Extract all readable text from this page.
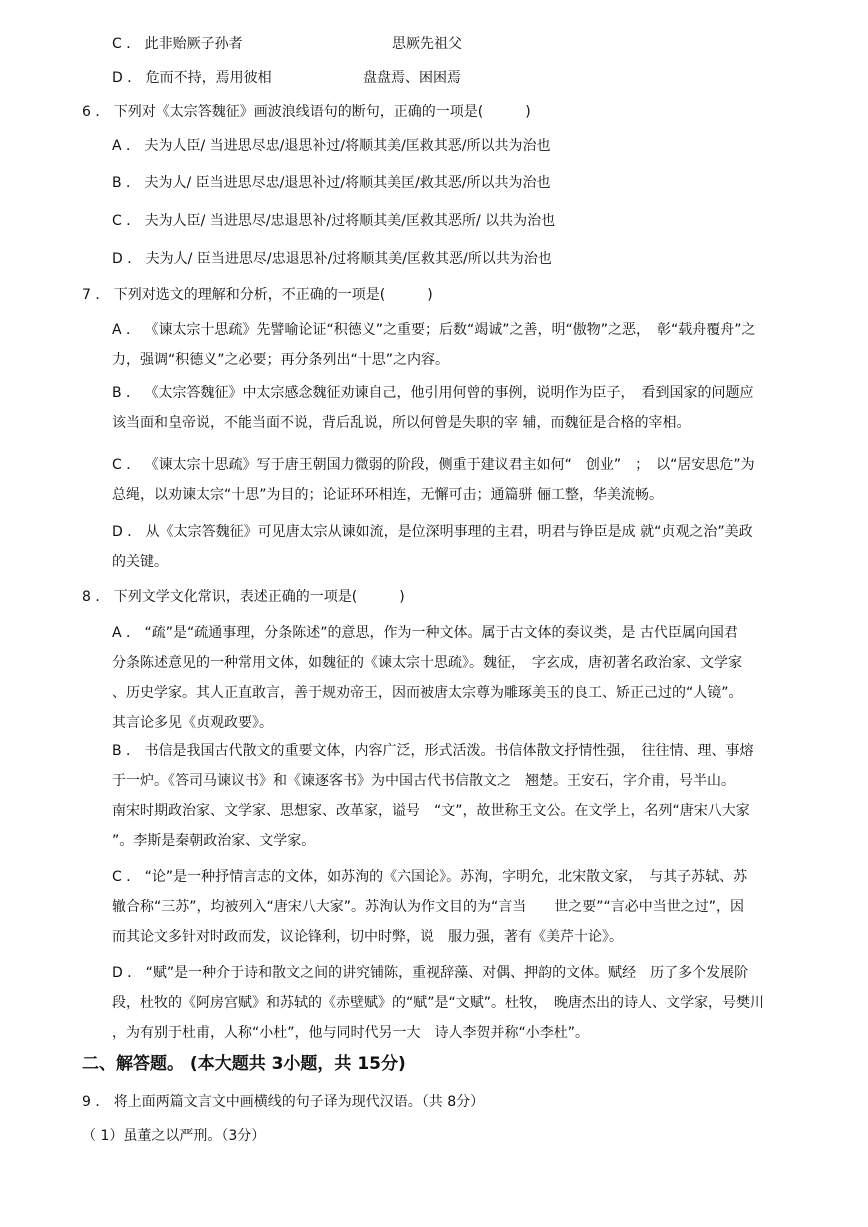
C ． 此非贻厥子孙者	思厥先祖父
D ． 危而不持，焉用彼相	盘盘焉、困困焉
6 ． 下列对《太宗答魏征》画波浪线语句的断句，正确的一项是(　　　)
A ． 夫为人臣/ 当进思尽忠/退思补过/将顺其美/匡救其恶/所以共为治也
B ． 夫为人/ 臣当进思尽忠/退思补过/将顺其美匡/救其恶/所以共为治也
C ． 夫为人臣/ 当进思尽/忠退思补/过将顺其美/匡救其恶所/ 以共为治也
D ． 夫为人/ 臣当进思尽/忠退思补/过将顺其美/匡救其恶/所以共为治也
7 ． 下列对选文的理解和分析，不正确的一项是(　　　)
A ． 《谏太宗十思疏》先譬喻论证“积德义”之重要；后数“竭诚”之善，明“傲物”之恶，　彰“载舟覆舟”之
力，强调“积德义”之必要；再分条列出“十思”之内容。
B ． 《太宗答魏征》中太宗感念魏征劝谏自己，他引用何曾的事例，说明作为臣子，　看到国家的问题应
该当面和皇帝说，不能当面不说，背后乱说，所以何曾是失职的宰 辅，而魏征是合格的宰相。
C ． 《谏太宗十思疏》写于唐王朝国力微弱的阶段，侧重于建议君主如何“　创业”　；　以“居安思危”为
总绳，以劝谏太宗“十思”为目的；论证环环相连，无懈可击；通篇骈 俪工整，华美流畅。
D ． 从《太宗答魏征》可见唐太宗从谏如流，是位深明事理的主君，明君与铮臣是成 就“贞观之治”美政
的关键。
8 ． 下列文学文化常识，表述正确的一项是(　　　)
A ． “疏”是“疏通事理，分条陈述”的意思，作为一种文体。属于古文体的奏议类，是 古代臣属向国君
分条陈述意见的一种常用文体，如魏征的《谏太宗十思疏》。魏征，　字玄成，唐初著名政治家、文学家
、历史学家。其人正直敢言，善于规劝帝王，因而被唐太宗尊为雕琢美玉的良工、矫正己过的“人镜”。
其言论多见《贞观政要》。
B ． 书信是我国古代散文的重要文体，内容广泛，形式活泼。书信体散文抒情性强，　往往情、理、事熔
于一炉。《答司马谏议书》和《谏逐客书》为中国古代书信散文之　翘楚。王安石，字介甫，号半山。
南宋时期政治家、文学家、思想家、改革家，谥号　“文”，故世称王文公。在文学上，名列“唐宋八大家
”。李斯是秦朝政治家、文学家。
C ． “论”是一种抒情言志的文体，如苏洵的《六国论》。苏洵，字明允，北宋散文家，　与其子苏轼、苏
辙合称“三苏”，均被列入“唐宋八大家”。苏洵认为作文目的为“言当　　世之要”“言必中当世之过”，因
而其论文多针对时政而发，议论锋利，切中时弊，说　服力强，著有《美芹十论》。
D ． “赋”是一种介于诗和散文之间的讲究铺陈，重视辞藻、对偶、押韵的文体。赋经　历了多个发展阶
段，杜牧的《阿房宫赋》和苏轼的《赤壁赋》的“赋”是“文赋”。杜牧，　晚唐杰出的诗人、文学家，号樊川
，为有别于杜甫，人称“小杜”，他与同时代另一大　诗人李贺并称“小李杜”。
二、解答题。 (本大题共 3小题，共 15分)
9 ． 将上面两篇文言文中画横线的句子译为现代汉语。（共 8分）
（ 1）虽董之以严刑。（3分）
